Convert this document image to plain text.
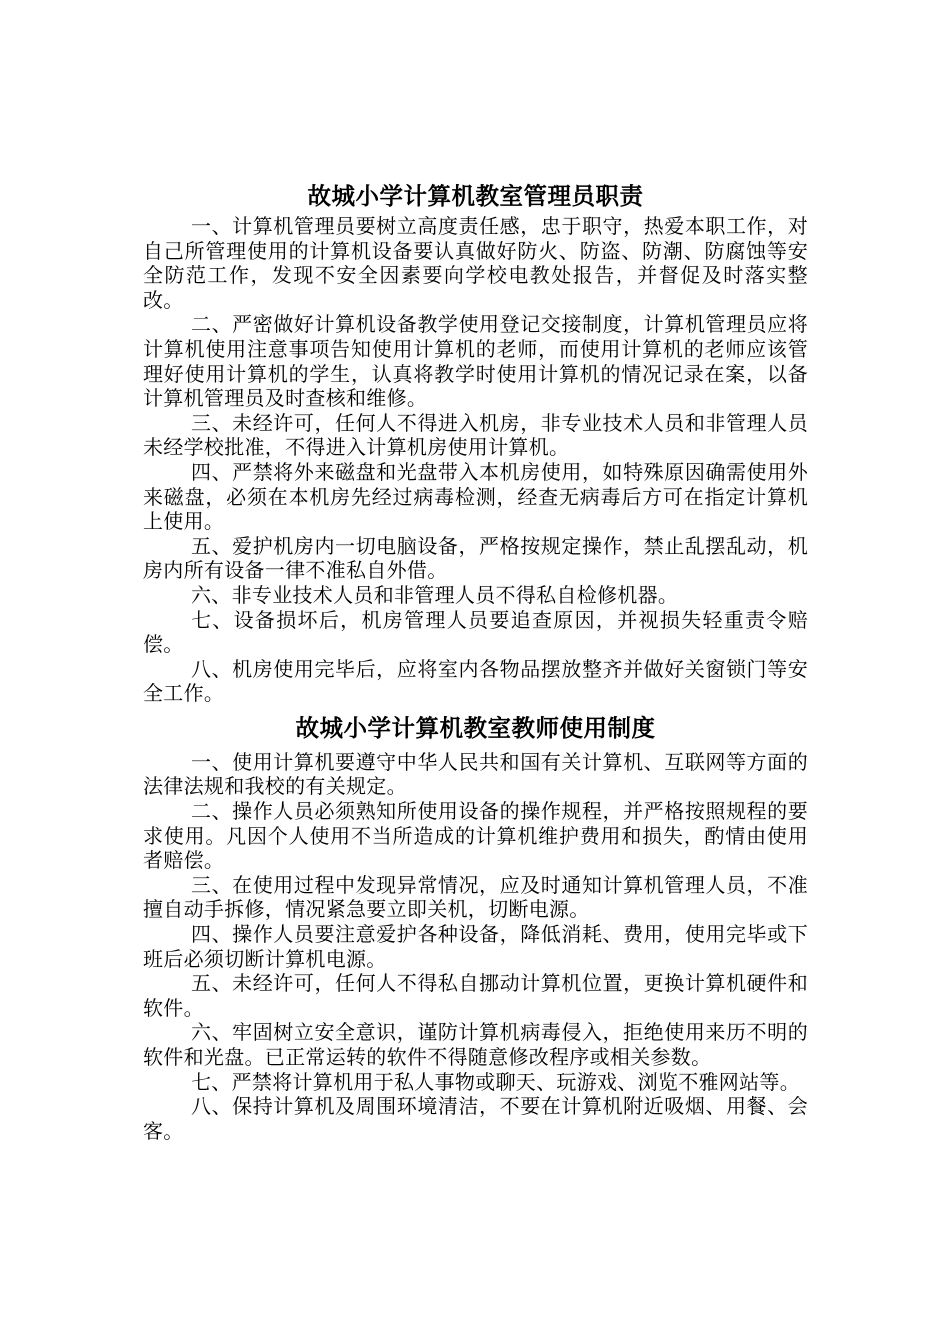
故城小学计算机教室管理员职责

一、计算机管理员要树立高度责任感，忠于职守，热爱本职工作，对自己所管理使用的计算机设备要认真做好防火、防盗、防潮、防腐蚀等安全防范工作，发现不安全因素要向学校电教处报告，并督促及时落实整改。

二、严密做好计算机设备教学使用登记交接制度，计算机管理员应将计算机使用注意事项告知使用计算机的老师，而使用计算机的老师应该管理好使用计算机的学生，认真将教学时使用计算机的情况记录在案，以备计算机管理员及时查核和维修。

三、未经许可，任何人不得进入机房，非专业技术人员和非管理人员未经学校批准，不得进入计算机房使用计算机。

四、严禁将外来磁盘和光盘带入本机房使用，如特殊原因确需使用外来磁盘，必须在本机房先经过病毒检测，经查无病毒后方可在指定计算机上使用。

五、爱护机房内一切电脑设备，严格按规定操作，禁止乱摆乱动，机房内所有设备一律不准私自外借。

六、非专业技术人员和非管理人员不得私自检修机器。

七、设备损坏后，机房管理人员要追查原因，并视损失轻重责令赔偿。

八、机房使用完毕后，应将室内各物品摆放整齐并做好关窗锁门等安全工作。

故城小学计算机教室教师使用制度

一、使用计算机要遵守中华人民共和国有关计算机、互联网等方面的法律法规和我校的有关规定。

二、操作人员必须熟知所使用设备的操作规程，并严格按照规程的要求使用。凡因个人使用不当所造成的计算机维护费用和损失，酌情由使用者赔偿。

三、在使用过程中发现异常情况，应及时通知计算机管理人员，不准擅自动手拆修，情况紧急要立即关机，切断电源。

四、操作人员要注意爱护各种设备，降低消耗、费用，使用完毕或下班后必须切断计算机电源。

五、未经许可，任何人不得私自挪动计算机位置，更换计算机硬件和软件。

六、牢固树立安全意识，谨防计算机病毒侵入，拒绝使用来历不明的软件和光盘。已正常运转的软件不得随意修改程序或相关参数。

七、严禁将计算机用于私人事物或聊天、玩游戏、浏览不雅网站等。

八、保持计算机及周围环境清洁，不要在计算机附近吸烟、用餐、会客。
